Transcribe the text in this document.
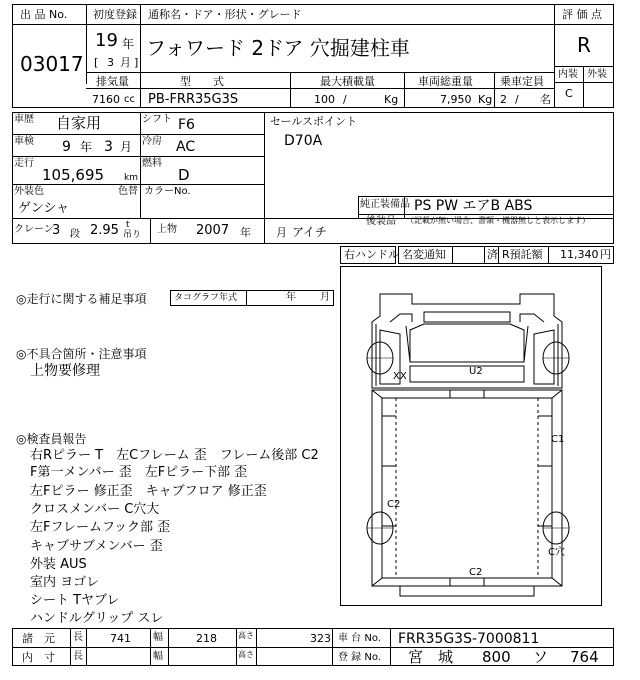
出 品 No.
03017
初度登録 通称名・ドア・形状・グレード
19 年
[ 3 月 ]
フォワード 2ドア 穴掘建柱車
評 価 点
R
内装 外装
C
排気量	型　　式	最大積載量	車両総重量 乗車定員
7160 cc PB-FRR35G3S	100 /	Kg	7,950 Kg 2 / 名
車歴 自家用	シフト F6
車検 9 年 3 月 冷房 AC
走行
105,695 km
燃料
D
外装色
ゲンシャ
色替 カラーNo.
セールスポイント
D70A
純正装備品 PS PW エアB ABS
後装品 （記載が無い場合、書類・機器無しと表示します）
クレーン
3 段 2.95 t
吊り 上物 2007 年 月 アイチ
右ハンドル 名変通知	済 R預託額 11,340 円
◎走行に関する補足事項	タコグラフ年式	年 月
◎不具合箇所・注意事項
上物要修理
◎検査員報告
右Rピラー T　左Cフレーム 歪　フレーム後部 C2
F第一メンバー 歪　左Fピラー下部 歪
左Fピラー 修正歪　キャブフロア 修正歪
クロスメンバー C穴大
左Fフレームフック部 歪
キャブサブメンバー 歪
外装 AUS
室内 ヨゴレ
シート Tヤブレ
ハンドルグリップ スレ
XX	U2
C1
C2
C2
C穴
諸　元 長 741 幅	218	高さ	323 車 台 No. FRR35G3S-7000811
内　寸 長	幅	高さ	登 録 No. 宮　城 800 ソ 764
